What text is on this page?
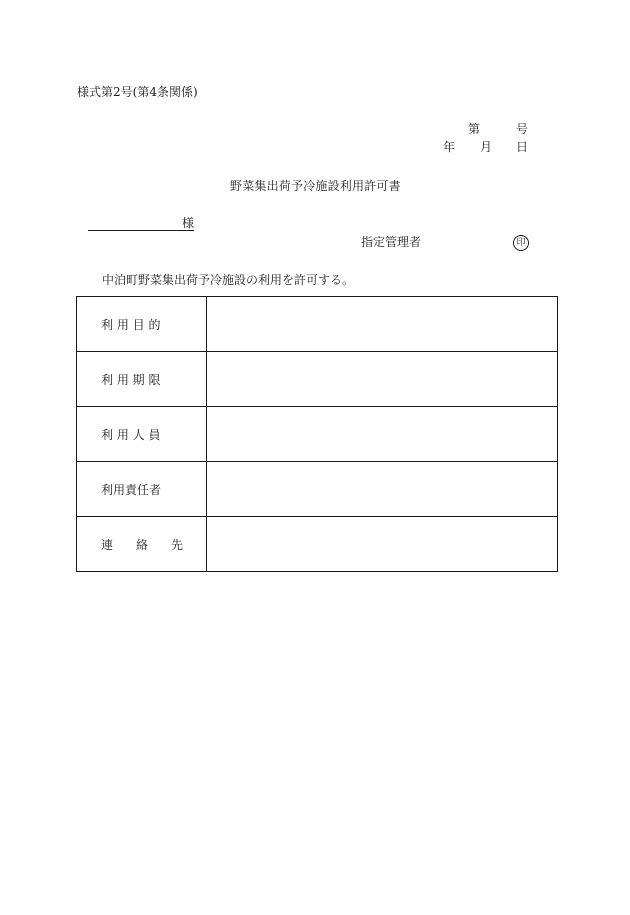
様式第2号(第4条関係)
第	号
年 月 日
野菜集出荷予冷施設利用許可書
様
指定管理者	印
中泊町野菜集出荷予冷施設の利用を許可する。
利 用 目 的	
利 用 期 限	
利 用 人 員	
利用責任者	
連 絡 先	
